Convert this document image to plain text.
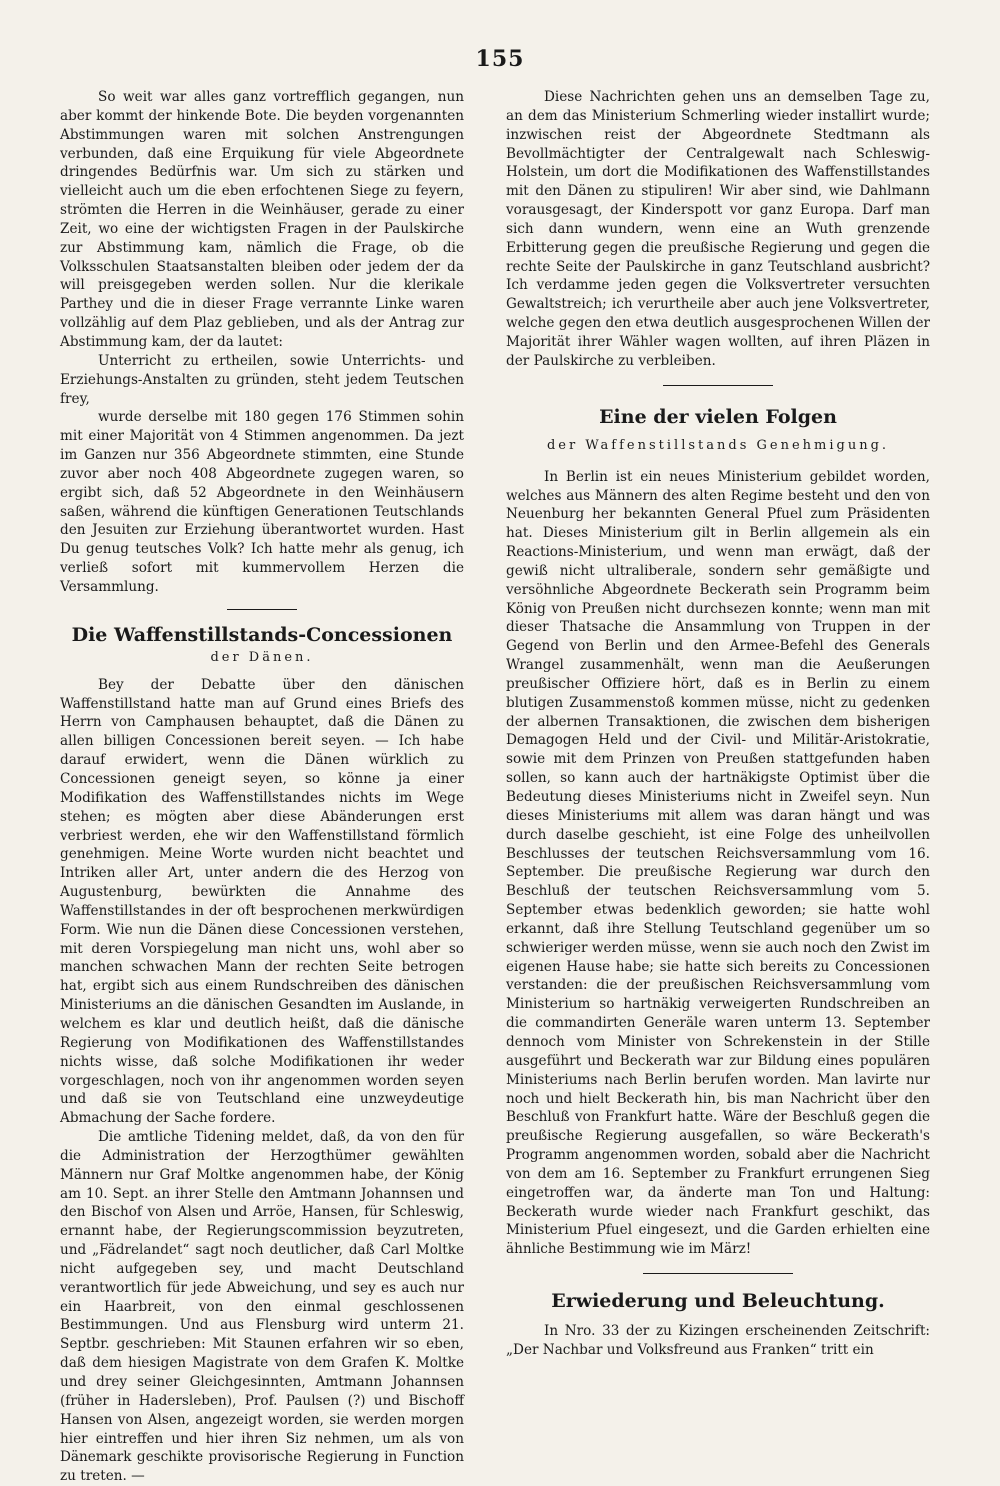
155

So weit war alles ganz vortrefflich gegangen, nun aber kommt der hinkende Bote. Die beyden vorgenannten Abstimmungen waren mit solchen Anstrengungen verbunden, daß eine Erquikung für viele Abgeordnete dringendes Bedürfnis war. Um sich zu stärken und vielleicht auch um die eben erfochtenen Siege zu feyern, strömten die Herren in die Weinhäuser, gerade zu einer Zeit, wo eine der wichtigsten Fragen in der Paulskirche zur Abstimmung kam, nämlich die Frage, ob die Volksschulen Staatsanstalten bleiben oder jedem der da will preisgegeben werden sollen. Nur die klerikale Parthey und die in dieser Frage verrannte Linke waren vollzählig auf dem Plaz geblieben, und als der Antrag zur Abstimmung kam, der da lautet:

Unterricht zu ertheilen, sowie Unterrichts- und Erziehungs-Anstalten zu gründen, steht jedem Teutschen frey,

wurde derselbe mit 180 gegen 176 Stimmen sohin mit einer Majorität von 4 Stimmen angenommen. Da jezt im Ganzen nur 356 Abgeordnete stimmten, eine Stunde zuvor aber noch 408 Abgeordnete zugegen waren, so ergibt sich, daß 52 Abgeordnete in den Weinhäusern saßen, während die künftigen Generationen Teutschlands den Jesuiten zur Erziehung überantwortet wurden. Hast Du genug teutsches Volk? Ich hatte mehr als genug, ich verließ sofort mit kummervollem Herzen die Versammlung.

Die Waffenstillstands-Concessionen
der Dänen.

Bey der Debatte über den dänischen Waffenstillstand hatte man auf Grund eines Briefs des Herrn von Camphausen behauptet, daß die Dänen zu allen billigen Concessionen bereit seyen. — Ich habe darauf erwidert, wenn die Dänen würklich zu Concessionen geneigt seyen, so könne ja einer Modifikation des Waffenstillstandes nichts im Wege stehen; es mögten aber diese Abänderungen erst verbriest werden, ehe wir den Waffenstillstand förmlich genehmigen. Meine Worte wurden nicht beachtet und Intriken aller Art, unter andern die des Herzog von Augustenburg, bewürkten die Annahme des Waffenstillstandes in der oft besprochenen merkwürdigen Form. Wie nun die Dänen diese Concessionen verstehen, mit deren Vorspiegelung man nicht uns, wohl aber so manchen schwachen Mann der rechten Seite betrogen hat, ergibt sich aus einem Rundschreiben des dänischen Ministeriums an die dänischen Gesandten im Auslande, in welchem es klar und deutlich heißt, daß die dänische Regierung von Modifikationen des Waffenstillstandes nichts wisse, daß solche Modifikationen ihr weder vorgeschlagen, noch von ihr angenommen worden seyen und daß sie von Teutschland eine unzweydeutige Abmachung der Sache fordere.

Die amtliche Tidening meldet, daß, da von den für die Administration der Herzogthümer gewählten Männern nur Graf Moltke angenommen habe, der König am 10. Sept. an ihrer Stelle den Amtmann Johannsen und den Bischof von Alsen und Arröe, Hansen, für Schleswig, ernannt habe, der Regierungscommission beyzutreten, und „Fädrelandet“ sagt noch deutlicher, daß Carl Moltke nicht aufgegeben sey, und macht Deutschland verantwortlich für jede Abweichung, und sey es auch nur ein Haarbreit, von den einmal geschlossenen Bestimmungen. Und aus Flensburg wird unterm 21. Septbr. geschrieben: Mit Staunen erfahren wir so eben, daß dem hiesigen Magistrate von dem Grafen K. Moltke und drey seiner Gleichgesinnten, Amtmann Johannsen (früher in Hadersleben), Prof. Paulsen (?) und Bischoff Hansen von Alsen, angezeigt worden, sie werden morgen hier eintreffen und hier ihren Siz nehmen, um als von Dänemark geschikte provisorische Regierung in Function zu treten. —

Diese Nachrichten gehen uns an demselben Tage zu, an dem das Ministerium Schmerling wieder installirt wurde; inzwischen reist der Abgeordnete Stedtmann als Bevollmächtigter der Centralgewalt nach Schleswig-Holstein, um dort die Modifikationen des Waffenstillstandes mit den Dänen zu stipuliren! Wir aber sind, wie Dahlmann vorausgesagt, der Kinderspott vor ganz Europa. Darf man sich dann wundern, wenn eine an Wuth grenzende Erbitterung gegen die preußische Regierung und gegen die rechte Seite der Paulskirche in ganz Teutschland ausbricht? Ich verdamme jeden gegen die Volksvertreter versuchten Gewaltstreich; ich verurtheile aber auch jene Volksvertreter, welche gegen den etwa deutlich ausgesprochenen Willen der Majorität ihrer Wähler wagen wollten, auf ihren Pläzen in der Paulskirche zu verbleiben.

Eine der vielen Folgen
der Waffenstillstands Genehmigung.

In Berlin ist ein neues Ministerium gebildet worden, welches aus Männern des alten Regime besteht und den von Neuenburg her bekannten General Pfuel zum Präsidenten hat. Dieses Ministerium gilt in Berlin allgemein als ein Reactions-Ministerium, und wenn man erwägt, daß der gewiß nicht ultraliberale, sondern sehr gemäßigte und versöhnliche Abgeordnete Beckerath sein Programm beim König von Preußen nicht durchsezen konnte; wenn man mit dieser Thatsache die Ansammlung von Truppen in der Gegend von Berlin und den Armee-Befehl des Generals Wrangel zusammenhält, wenn man die Aeußerungen preußischer Offiziere hört, daß es in Berlin zu einem blutigen Zusammenstoß kommen müsse, nicht zu gedenken der albernen Transaktionen, die zwischen dem bisherigen Demagogen Held und der Civil- und Militär-Aristokratie, sowie mit dem Prinzen von Preußen stattgefunden haben sollen, so kann auch der hartnäkigste Optimist über die Bedeutung dieses Ministeriums nicht in Zweifel seyn. Nun dieses Ministeriums mit allem was daran hängt und was durch daselbe geschieht, ist eine Folge des unheilvollen Beschlusses der teutschen Reichsversammlung vom 16. September. Die preußische Regierung war durch den Beschluß der teutschen Reichsversammlung vom 5. September etwas bedenklich geworden; sie hatte wohl erkannt, daß ihre Stellung Teutschland gegenüber um so schwieriger werden müsse, wenn sie auch noch den Zwist im eigenen Hause habe; sie hatte sich bereits zu Concessionen verstanden: die der preußischen Reichsversammlung vom Ministerium so hartnäkig verweigerten Rundschreiben an die commandirten Generäle waren unterm 13. September dennoch vom Minister von Schrekenstein in der Stille ausgeführt und Beckerath war zur Bildung eines populären Ministeriums nach Berlin berufen worden. Man lavirte nur noch und hielt Beckerath hin, bis man Nachricht über den Beschluß von Frankfurt hatte. Wäre der Beschluß gegen die preußische Regierung ausgefallen, so wäre Beckerath's Programm angenommen worden, sobald aber die Nachricht von dem am 16. September zu Frankfurt errungenen Sieg eingetroffen war, da änderte man Ton und Haltung: Beckerath wurde wieder nach Frankfurt geschikt, das Ministerium Pfuel eingesezt, und die Garden erhielten eine ähnliche Bestimmung wie im März!

Erwiederung und Beleuchtung.

In Nro. 33 der zu Kizingen erscheinenden Zeitschrift: „Der Nachbar und Volksfreund aus Franken“ tritt ein
